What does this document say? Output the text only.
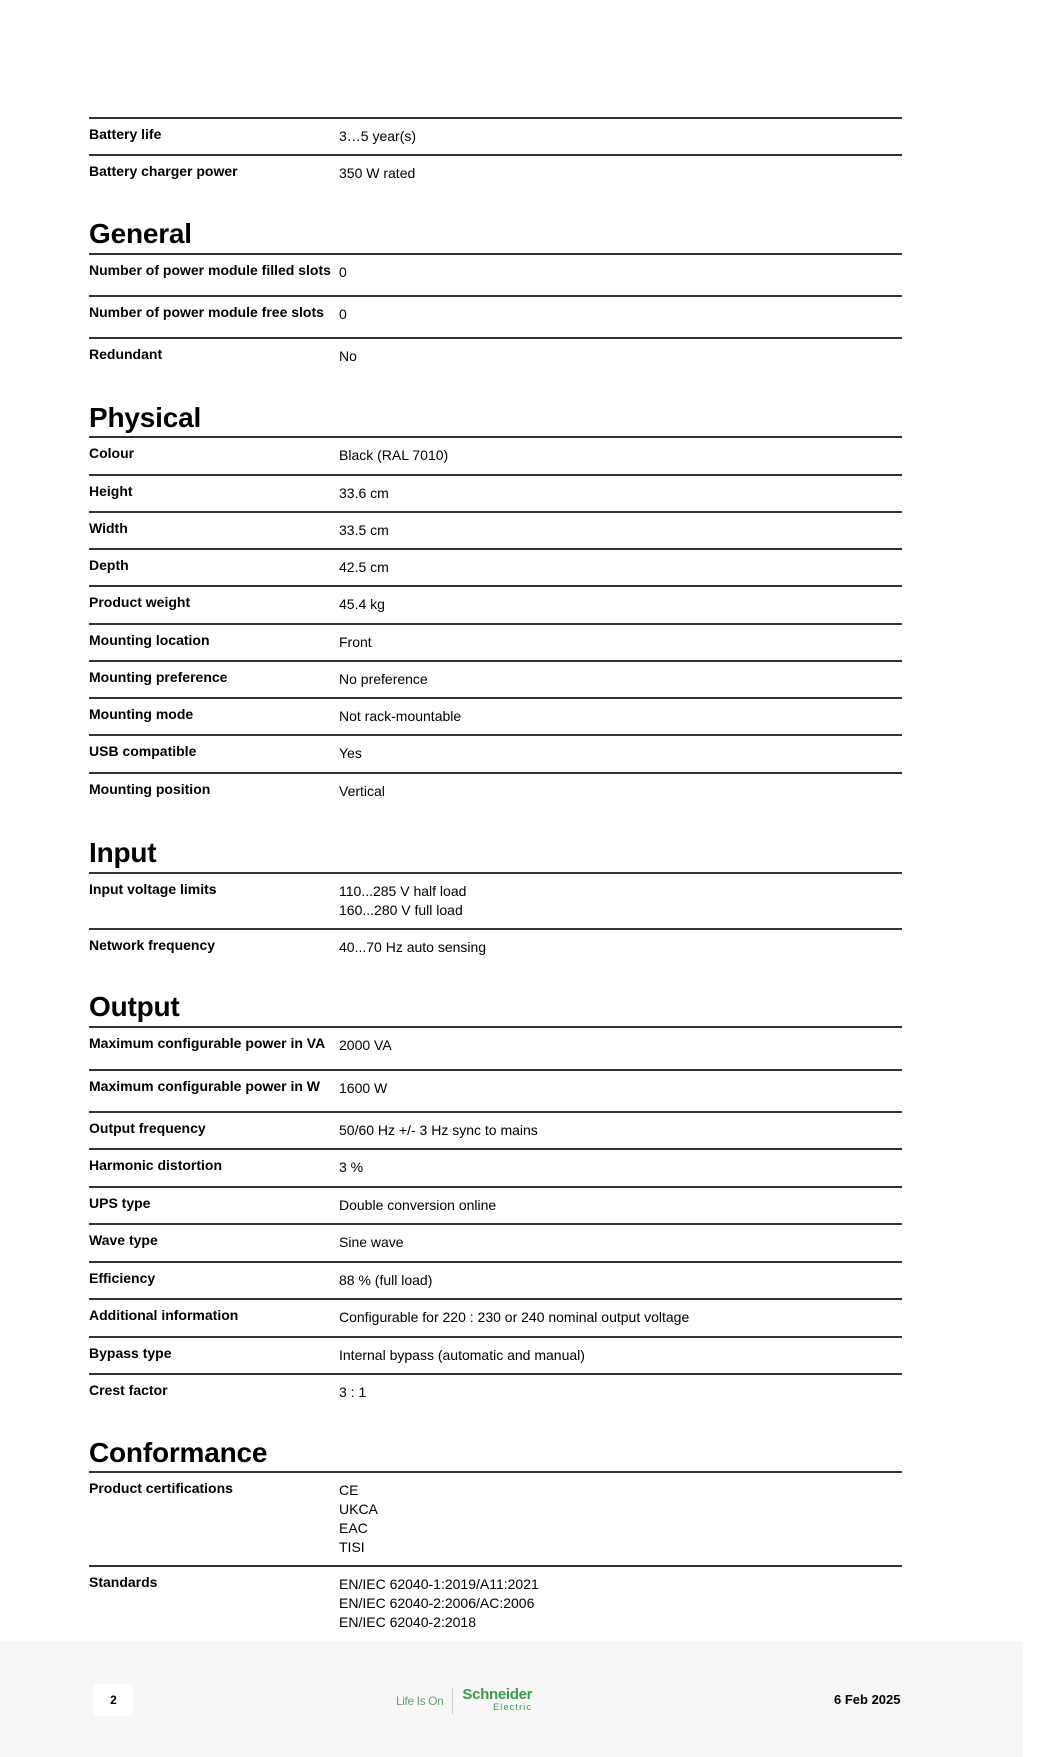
Battery life	3…5 year(s)
Battery charger power	350 W rated
General
Number of power module filled slots 0
Number of power module free slots	0
Redundant	No
Physical
Colour	Black (RAL 7010)
Height	33.6 cm
Width	33.5 cm
Depth	42.5 cm
Product weight	45.4 kg
Mounting location	Front
Mounting preference	No preference
Mounting mode	Not rack-mountable
USB compatible	Yes
Mounting position	Vertical
Input
Input voltage limits	110...285 V half load
160...280 V full load
Network frequency	40...70 Hz auto sensing
Output
Maximum configurable power in VA 2000 VA
Maximum configurable power in W	1600 W
Output frequency	50/60 Hz +/- 3 Hz sync to mains
Harmonic distortion	3 %
UPS type	Double conversion online
Wave type	Sine wave
Efficiency	88 % (full load)
Additional information	Configurable for 220 : 230 or 240 nominal output voltage
Bypass type	Internal bypass (automatic and manual)
Crest factor	3 : 1
Conformance
Product certifications	CE
UKCA
EAC
TISI
Standards	EN/IEC 62040-1:2019/A11:2021
EN/IEC 62040-2:2006/AC:2006
EN/IEC 62040-2:2018
2	Life Is On Schneider
Electric	6 Feb 2025
